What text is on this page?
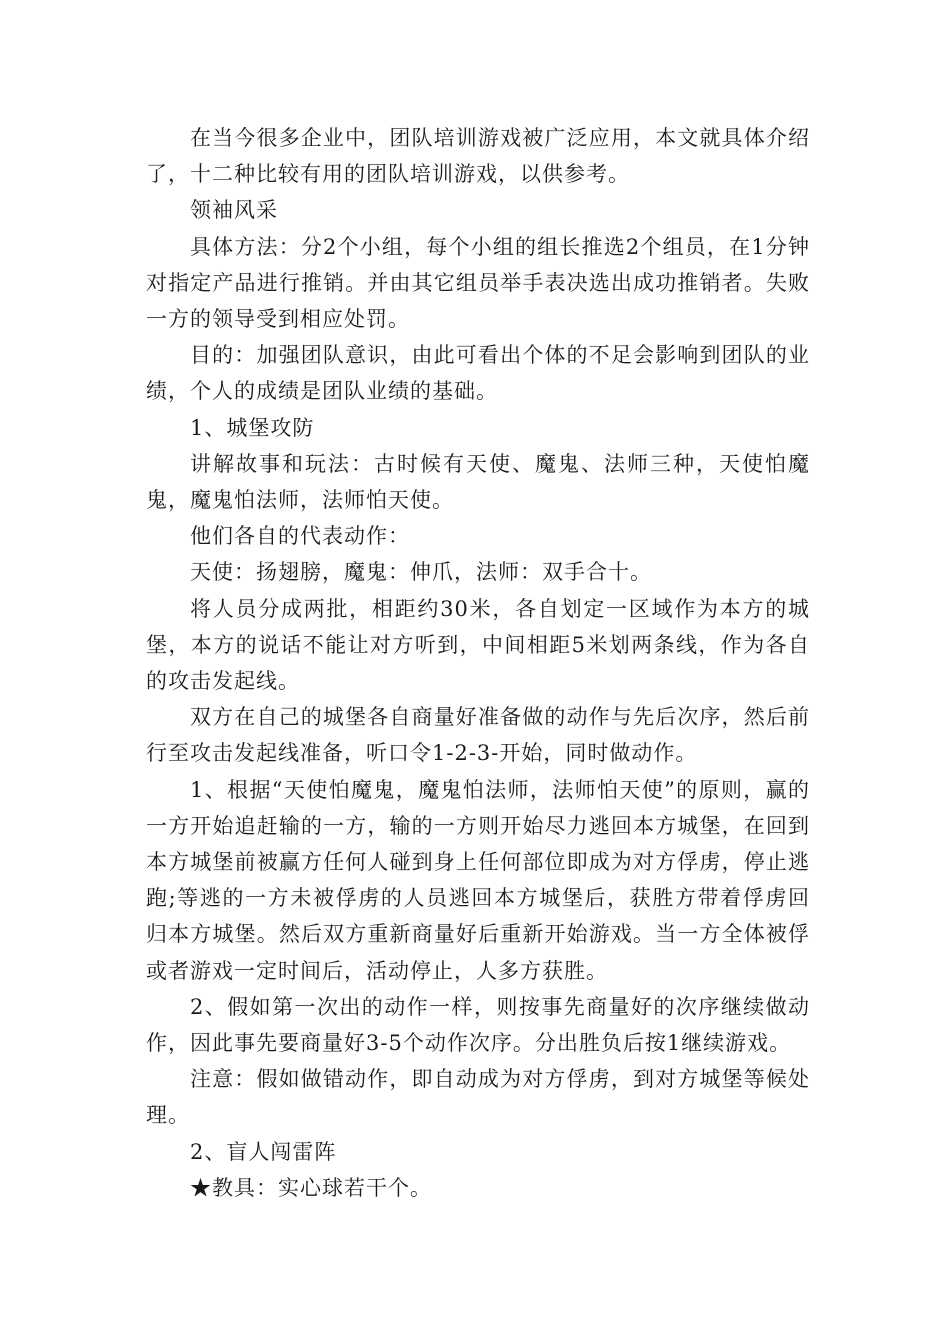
在当今很多企业中，团队培训游戏被广泛应用，本文就具体介绍了，十二种比较有用的团队培训游戏，以供参考。

领袖风采

具体方法：分2个小组，每个小组的组长推选2个组员，在1分钟对指定产品进行推销。并由其它组员举手表决选出成功推销者。失败一方的领导受到相应处罚。

目的：加强团队意识，由此可看出个体的不足会影响到团队的业绩，个人的成绩是团队业绩的基础。

1、城堡攻防

讲解故事和玩法：古时候有天使、魔鬼、法师三种，天使怕魔鬼，魔鬼怕法师，法师怕天使。

他们各自的代表动作：

天使：扬翅膀，魔鬼：伸爪，法师：双手合十。

将人员分成两批，相距约30米，各自划定一区域作为本方的城堡，本方的说话不能让对方听到，中间相距5米划两条线，作为各自的攻击发起线。

双方在自己的城堡各自商量好准备做的动作与先后次序，然后前行至攻击发起线准备，听口令1-2-3-开始，同时做动作。

1、根据“天使怕魔鬼，魔鬼怕法师，法师怕天使”的原则，赢的一方开始追赶输的一方，输的一方则开始尽力逃回本方城堡，在回到本方城堡前被赢方任何人碰到身上任何部位即成为对方俘虏，停止逃跑;等逃的一方未被俘虏的人员逃回本方城堡后，获胜方带着俘虏回归本方城堡。然后双方重新商量好后重新开始游戏。当一方全体被俘或者游戏一定时间后，活动停止，人多方获胜。

2、假如第一次出的动作一样，则按事先商量好的次序继续做动作，因此事先要商量好3-5个动作次序。分出胜负后按1继续游戏。

注意：假如做错动作，即自动成为对方俘虏，到对方城堡等候处理。

2、盲人闯雷阵

★教具：实心球若干个。
